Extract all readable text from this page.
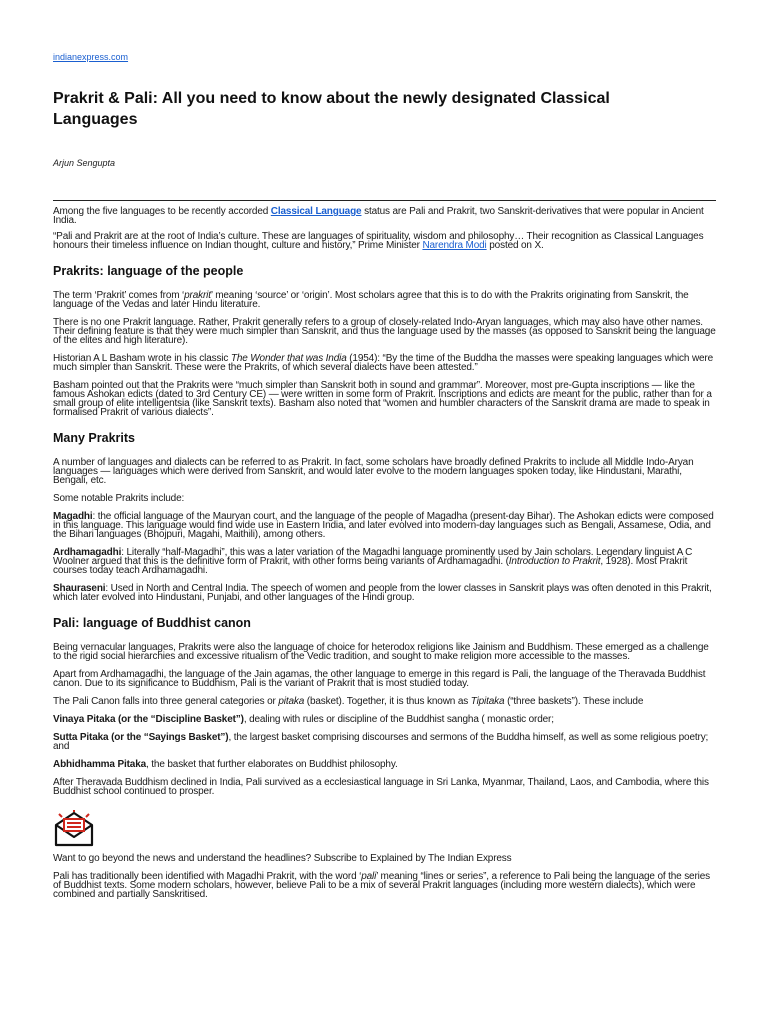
indianexpress.com
Prakrit & Pali: All you need to know about the newly designated Classical Languages
Arjun Sengupta

Among the five languages to be recently accorded Classical Language status are Pali and Prakrit, two Sanskrit-derivatives that were popular in Ancient India.

“Pali and Prakrit are at the root of India’s culture. These are languages of spirituality, wisdom and philosophy… Their recognition as Classical Languages honours their timeless influence on Indian thought, culture and history,” Prime Minister Narendra Modi posted on X.

Prakrits: language of the people

The term ‘Prakrit’ comes from ‘prakrit’ meaning ‘source’ or ‘origin’. Most scholars agree that this is to do with the Prakrits originating from Sanskrit, the language of the Vedas and later Hindu literature.

There is no one Prakrit language. Rather, Prakrit generally refers to a group of closely-related Indo-Aryan languages, which may also have other names. Their defining feature is that they were much simpler than Sanskrit, and thus the language used by the masses (as opposed to Sanskrit being the language of the elites and high literature).

Historian A L Basham wrote in his classic The Wonder that was India (1954): “By the time of the Buddha the masses were speaking languages which were much simpler than Sanskrit. These were the Prakrits, of which several dialects have been attested.”

Basham pointed out that the Prakrits were “much simpler than Sanskrit both in sound and grammar”. Moreover, most pre-Gupta inscriptions — like the famous Ashokan edicts (dated to 3rd Century CE) — were written in some form of Prakrit. Inscriptions and edicts are meant for the public, rather than for a small group of elite intelligentsia (like Sanskrit texts). Basham also noted that “women and humbler characters of the Sanskrit drama are made to speak in formalised Prakrit of various dialects”.

Many Prakrits

A number of languages and dialects can be referred to as Prakrit. In fact, some scholars have broadly defined Prakrits to include all Middle Indo-Aryan languages — languages which were derived from Sanskrit, and would later evolve to the modern languages spoken today, like Hindustani, Marathi, Bengali, etc.

Some notable Prakrits include:

Magadhi: the official language of the Mauryan court, and the language of the people of Magadha (present-day Bihar). The Ashokan edicts were composed in this language. This language would find wide use in Eastern India, and later evolved into modern-day languages such as Bengali, Assamese, Odia, and the Bihari languages (Bhojpuri, Magahi, Maithili), among others.

Ardhamagadhi: Literally “half-Magadhi”, this was a later variation of the Magadhi language prominently used by Jain scholars. Legendary linguist A C Woolner argued that this is the definitive form of Prakrit, with other forms being variants of Ardhamagadhi. (Introduction to Prakrit, 1928). Most Prakrit courses today teach Ardhamagadhi.

Shauraseni: Used in North and Central India. The speech of women and people from the lower classes in Sanskrit plays was often denoted in this Prakrit, which later evolved into Hindustani, Punjabi, and other languages of the Hindi group.

Pali: language of Buddhist canon

Being vernacular languages, Prakrits were also the language of choice for heterodox religions like Jainism and Buddhism. These emerged as a challenge to the rigid social hierarchies and excessive ritualism of the Vedic tradition, and sought to make religion more accessible to the masses.

Apart from Ardhamagadhi, the language of the Jain agamas, the other language to emerge in this regard is Pali, the language of the Theravada Buddhist canon. Due to its significance to Buddhism, Pali is the variant of Prakrit that is most studied today.

The Pali Canon falls into three general categories or pitaka (basket). Together, it is thus known as Tipitaka (“three baskets”). These include

Vinaya Pitaka (or the “Discipline Basket”), dealing with rules or discipline of the Buddhist sangha ( monastic order;

Sutta Pitaka (or the “Sayings Basket”), the largest basket comprising discourses and sermons of the Buddha himself, as well as some religious poetry; and

Abhidhamma Pitaka, the basket that further elaborates on Buddhist philosophy.

After Theravada Buddhism declined in India, Pali survived as a ecclesiastical language in Sri Lanka, Myanmar, Thailand, Laos, and Cambodia, where this Buddhist school continued to prosper.

Want to go beyond the news and understand the headlines? Subscribe to Explained by The Indian Express

Pali has traditionally been identified with Magadhi Prakrit, with the word ‘pali’ meaning “lines or series”, a reference to Pali being the language of the series of Buddhist texts. Some modern scholars, however, believe Pali to be a mix of several Prakrit languages (including more western dialects), which were combined and partially Sanskritised.
